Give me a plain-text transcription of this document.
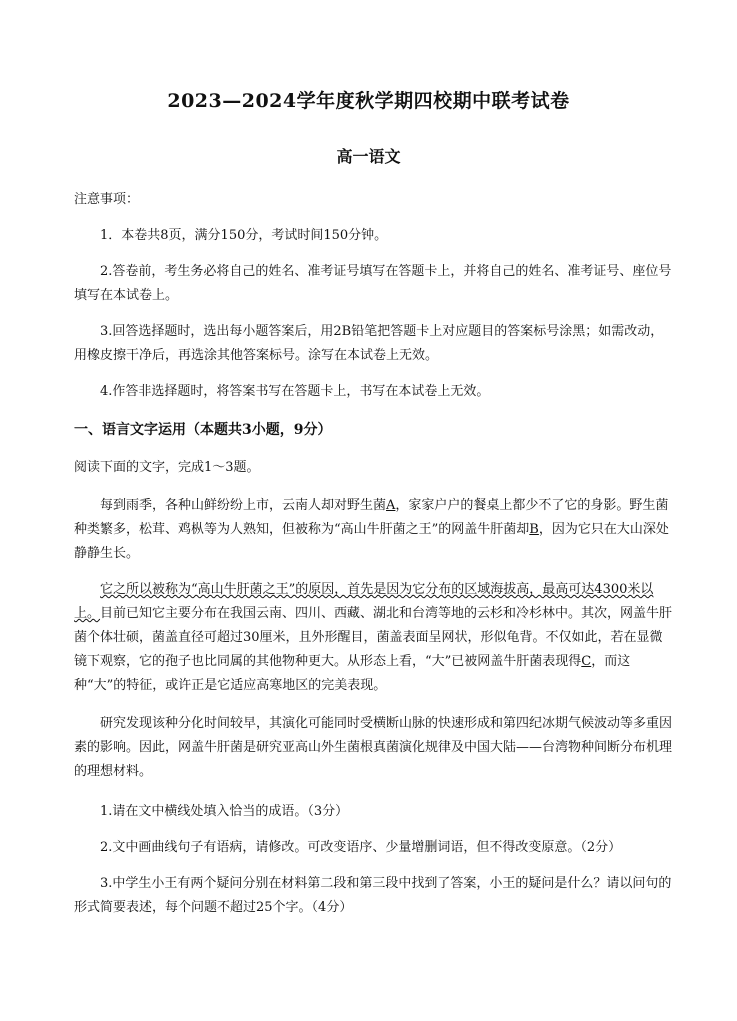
2023—2024学年度秋学期四校期中联考试卷
高一语文

注意事项：

1．本卷共8页，满分150分，考试时间150分钟。

2.答卷前，考生务必将自己的姓名、准考证号填写在答题卡上，并将自己的姓名、准考证号、座位号填写在本试卷上。

3.回答选择题时，选出每小题答案后，用2B铅笔把答题卡上对应题目的答案标号涂黑；如需改动，用橡皮擦干净后，再选涂其他答案标号。涂写在本试卷上无效。

4.作答非选择题时，将答案书写在答题卡上，书写在本试卷上无效。

一、语言文字运用（本题共3小题，9分）

阅读下面的文字，完成1～3题。

每到雨季，各种山鲜纷纷上市，云南人却对野生菌A，家家户户的餐桌上都少不了它的身影。野生菌种类繁多，松茸、鸡枞等为人熟知，但被称为“高山牛肝菌之王”的网盖牛肝菌却B，因为它只在大山深处静静生长。

它之所以被称为“高山牛肝菌之王”的原因，首先是因为它分布的区域海拔高，最高可达4300米以上。目前已知它主要分布在我国云南、四川、西藏、湖北和台湾等地的云杉和冷杉林中。其次，网盖牛肝菌个体壮硕，菌盖直径可超过30厘米，且外形醒目，菌盖表面呈网状，形似龟背。不仅如此，若在显微镜下观察，它的孢子也比同属的其他物种更大。从形态上看，“大”已被网盖牛肝菌表现得C，而这种“大”的特征，或许正是它适应高寒地区的完美表现。

研究发现该种分化时间较早，其演化可能同时受横断山脉的快速形成和第四纪冰期气候波动等多重因素的影响。因此，网盖牛肝菌是研究亚高山外生菌根真菌演化规律及中国大陆——台湾物种间断分布机理的理想材料。

1.请在文中横线处填入恰当的成语。（3分）

2.文中画曲线句子有语病，请修改。可改变语序、少量增删词语，但不得改变原意。（2分）

3.中学生小王有两个疑问分别在材料第二段和第三段中找到了答案，小王的疑问是什么？请以问句的形式简要表述，每个问题不超过25个字。（4分）
